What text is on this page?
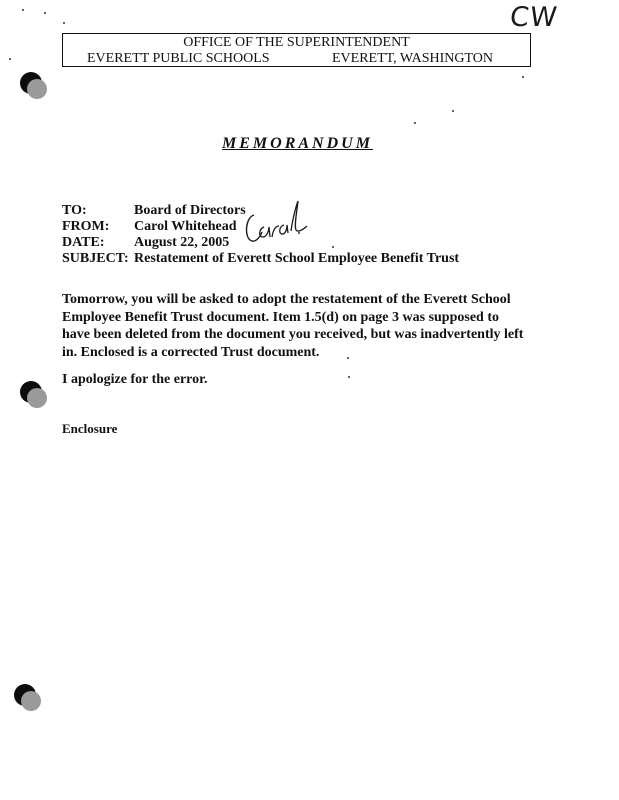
CW
OFFICE OF THE SUPERINTENDENT
EVERETT PUBLIC SCHOOLS	EVERETT, WASHINGTON
MEMORANDUM
TO:	Board of Directors
FROM: Carol Whitehead
DATE: August 22, 2005
SUBJECT: Restatement of Everett School Employee Benefit Trust
Tomorrow, you will be asked to adopt the restatement of the Everett School
Employee Benefit Trust document. Item 1.5(d) on page 3 was supposed to
have been deleted from the document you received, but was inadvertently left
in. Enclosed is a corrected Trust document.
I apologize for the error.
Enclosure
